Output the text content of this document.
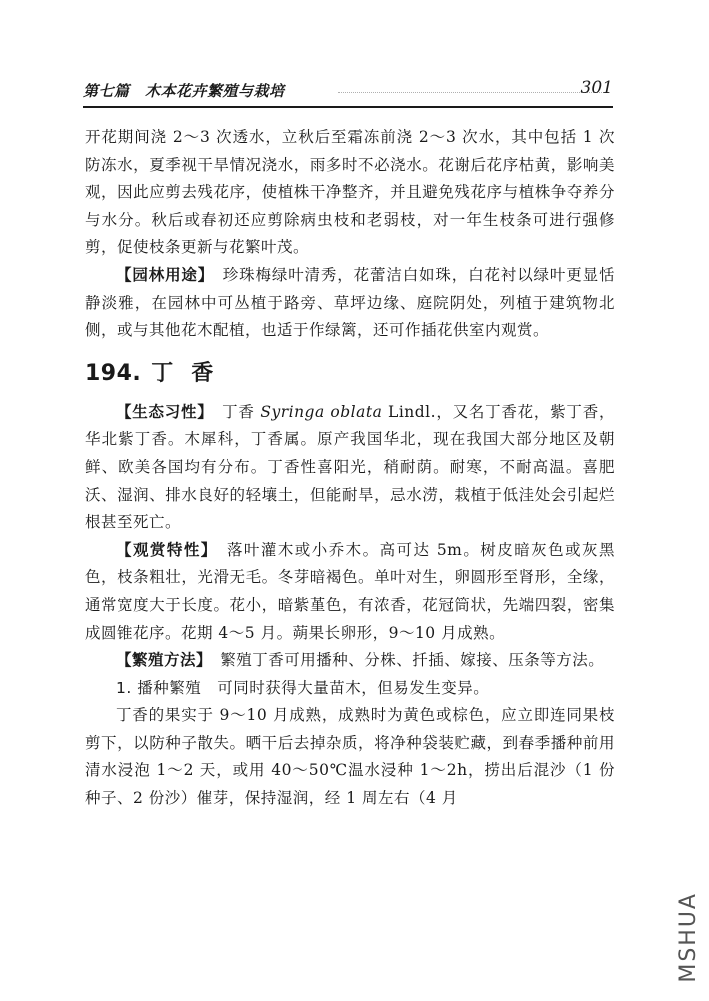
第七篇　木本花卉繁殖与栽培	301

开花期间浇 2～3 次透水，立秋后至霜冻前浇 2～3 次水，其中包括 1 次防冻水，夏季视干旱情况浇水，雨多时不必浇水。花谢后花序枯黄，影响美观，因此应剪去残花序，使植株干净整齐，并且避免残花序与植株争夺养分与水分。秋后或春初还应剪除病虫枝和老弱枝，对一年生枝条可进行强修剪，促使枝条更新与花繁叶茂。

【园林用途】　 珍珠梅绿叶清秀，花蕾洁白如珠，白花衬以绿叶更显恬静淡雅，在园林中可丛植于路旁、草坪边缘、庭院阴处，列植于建筑物北侧，或与其他花木配植，也适于作绿篱，还可作插花供室内观赏。

194. 丁香

【生态习性】　 丁香 Syringa oblata Lindl.，又名丁香花，紫丁香，华北紫丁香。木犀科，丁香属。原产我国华北，现在我国大部分地区及朝鲜、欧美各国均有分布。丁香性喜阳光，稍耐荫。耐寒，不耐高温。喜肥沃、湿润、排水良好的轻壤土，但能耐旱，忌水涝，栽植于低洼处会引起烂根甚至死亡。

【观赏特性】　 落叶灌木或小乔木。高可达 5m。树皮暗灰色或灰黑色，枝条粗壮，光滑无毛。冬芽暗褐色。单叶对生，卵圆形至肾形，全缘，通常宽度大于长度。花小，暗紫堇色，有浓香，花冠筒状，先端四裂，密集成圆锥花序。花期 4～5 月。蒴果长卵形，9～10 月成熟。

【繁殖方法】　 繁殖丁香可用播种、分株、扦插、嫁接、压条等方法。

1. 播种繁殖　 可同时获得大量苗木，但易发生变异。

丁香的果实于 9～10 月成熟，成熟时为黄色或棕色，应立即连同果枝剪下，以防种子散失。晒干后去掉杂质，将净种袋装贮藏，到春季播种前用清水浸泡 1～2 天，或用 40～50℃温水浸种 1～2h，捞出后混沙（1 份种子、2 份沙）催芽，保持湿润，经 1 周左右（4 月

MSHUA
